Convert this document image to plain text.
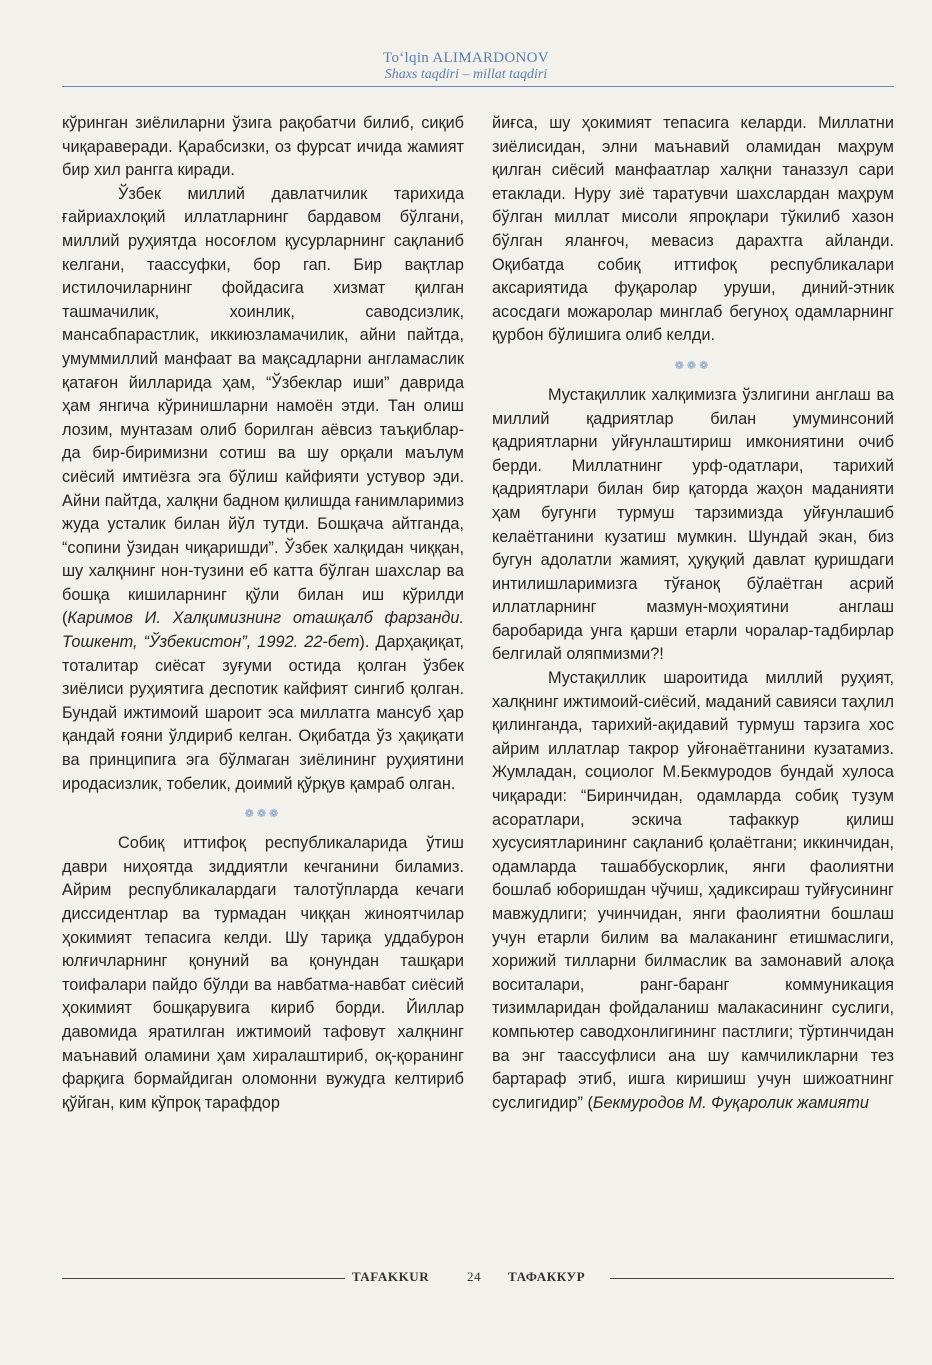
To‘lqin ALIMARDONOV
Shaxs taqdiri – millat taqdiri

кўринган зиёлиларни ўзига рақобатчи билиб, сиқиб чиқараверади. Қарабсизки, оз фурсат ичида жамият бир хил рангга киради.

Ўзбек миллий давлатчилик тарихида ғайриахлоқий иллатларнинг бардавом бўлгани, миллий руҳиятда носоғлом қусурларнинг сақланиб келгани, таассуфки, бор гап. Бир вақтлар истилочиларнинг фойдасига хизмат қилган ташмачилик, хоинлик, саводсизлик, мансабпарастлик, иккиюзламачилик, айни пайтда, умуммиллий манфаат ва мақсадларни англамаслик қатағон йилларида ҳам, “Ўзбеклар иши” даврида ҳам янгича кўринишларни намоён этди. Тан олиш лозим, мунтазам олиб борилган аёвсиз таъқиблар-да бир-биримизни сотиш ва шу орқали маълум сиёсий имтиёзга эга бўлиш кайфияти устувор эди. Айни пайтда, халқни бадном қилишда ғанимларимиз жуда усталик билан йўл тутди. Бошқача айтганда, “сопини ўзидан чиқаришди”. Ўзбек халқидан чиққан, шу халқнинг нон-тузини еб катта бўлган шахслар ва бошқа кишиларнинг қўли билан иш кўрилди (Каримов И. Халқимизнинг оташқалб фарзанди. Тошкент, “Ўзбекистон”, 1992. 22-бет). Дарҳақиқат, тоталитар сиёсат зуғуми остида қолган ўзбек зиёлиси руҳиятига деспотик кайфият сингиб қолган. Бундай ижтимоий шароит эса миллатга мансуб ҳар қандай ғояни ўлдириб келган. Оқибатда ўз ҳақиқати ва принципига эга бўлмаган зиёлининг руҳиятини иродасизлик, тобелик, доимий қўрқув қамраб олган.

❁❁❁

Собиқ иттифоқ республикаларида ўтиш даври ниҳоятда зиддиятли кечганини биламиз. Айрим республикалардаги талотўпларда кечаги диссидентлар ва турмадан чиққан жиноятчилар ҳокимият тепасига келди. Шу тариқа уддабурон юлғичларнинг қонуний ва қонундан ташқари тоифалари пайдо бўлди ва навбатма-навбат сиёсий ҳокимият бошқарувига кириб борди. Йиллар давомида яратилган ижтимоий тафовут халқнинг маънавий оламини ҳам хиралаштириб, оқ-қоранинг фарқига бормайдиган оломонни вужудга келтириб қўйган, ким кўпроқ тарафдор

йиғса, шу ҳокимият тепасига келарди. Миллатни зиёлисидан, элни маънавий оламидан маҳрум қилган сиёсий манфаатлар халқни таназзул сари етаклади. Нуру зиё таратувчи шахслардан маҳрум бўлган миллат мисоли япроқлари тўкилиб хазон бўлган яланғоч, мевасиз дарахтга айланди. Оқибатда собиқ иттифоқ республикалари аксариятида фуқаролар уруши, диний-этник асосдаги можаролар минглаб бегуноҳ одамларнинг қурбон бўлишига олиб келди.

❁❁❁

Мустақиллик халқимизга ўзлигини англаш ва миллий қадриятлар билан умуминсоний қадриятларни уйғунлаштириш имкониятини очиб берди. Миллатнинг урф-одатлари, тарихий қадриятлари билан бир қаторда жаҳон маданияти ҳам бугунги турмуш тарзимизда уйғунлашиб келаётганини кузатиш мумкин. Шундай экан, биз бугун адолатли жамият, ҳуқуқий давлат қуришдаги интилишларимизга тўғаноқ бўлаётган асрий иллатларнинг мазмун-моҳиятини англаш баробарида унга қарши етарли чоралар-тадбирлар белгилай оляпмизми?!

Мустақиллик шароитида миллий руҳият, халқнинг ижтимоий-сиёсий, маданий савияси таҳлил қилинганда, тарихий-ақидавий турмуш тарзига хос айрим иллатлар такрор уйғонаётганини кузатамиз. Жумладан, социолог М.Бекмуродов бундай хулоса чиқаради: “Биринчидан, одамларда собиқ тузум асоратлари, эскича тафаккур қилиш хусусиятларининг сақланиб қолаётгани; иккинчидан, одамларда ташаббускорлик, янги фаолиятни бошлаб юборишдан чўчиш, ҳадиксираш туйғусининг мавжудлиги; учинчидан, янги фаолиятни бошлаш учун етарли билим ва малаканинг етишмаслиги, хорижий тилларни билмаслик ва замонавий алоқа воситалари, ранг-баранг коммуникация тизимларидан фойдаланиш малакасининг суслиги, компьютер саводхонлигининг пастлиги; тўртинчидан ва энг таассуфлиси ана шу камчиликларни тез бартараф этиб, ишга киришиш учун шижоатнинг суслигидир” (Бекмуродов М. Фуқаролик жамияти

TAFAKKUR	24 ТАФАККУР
